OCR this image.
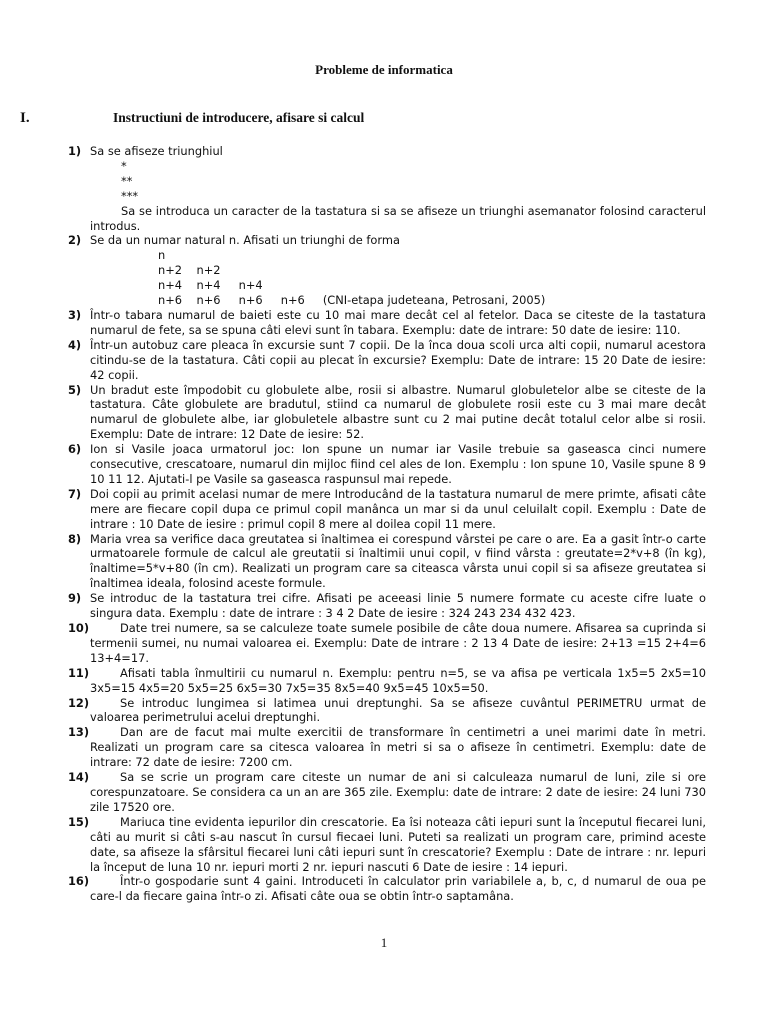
Probleme de informatica
I.	Instructiuni de introducere, afisare si calcul
1) Sa se afiseze triunghiul

*

**

***

Sa se introduca un caracter de la tastatura si sa se afiseze un triunghi asemanator folosind caracterul introdus.

2) Se da un numar natural n. Afisati un triunghi de forma

n

n+2    n+2

n+4    n+4     n+4

n+6    n+6     n+6     n+6     (CNI-etapa judeteana, Petrosani, 2005)

3) Într-o tabara numarul de baieti este cu 10 mai mare decât cel al fetelor. Daca se citeste de la tastatura numarul de fete, sa se spuna câti elevi sunt în tabara. Exemplu: date de intrare: 50 date de iesire: 110.

4) Într-un autobuz care pleaca în excursie sunt 7 copii. De la înca doua scoli urca alti copii, numarul acestora citindu-se de la tastatura. Câti copii au plecat în excursie? Exemplu: Date de intrare: 15 20 Date de iesire: 42 copii.

5) Un bradut este împodobit cu globulete albe, rosii si albastre. Numarul globuletelor albe se citeste de la tastatura. Câte globulete are bradutul, stiind ca numarul de globulete rosii este cu 3 mai mare decât numarul de globulete albe, iar globuletele albastre sunt cu 2 mai putine decât totalul celor albe si rosii. Exemplu: Date de intrare: 12 Date de iesire: 52.

6) Ion si Vasile joaca urmatorul joc: Ion spune un numar iar Vasile trebuie sa gaseasca cinci numere consecutive, crescatoare, numarul din mijloc fiind cel ales de Ion. Exemplu : Ion spune 10, Vasile spune 8 9 10 11 12. Ajutati-l pe Vasile sa gaseasca raspunsul mai repede.

7) Doi copii au primit acelasi numar de mere Introducând de la tastatura numarul de mere primte, afisati câte mere are fiecare copil dupa ce primul copil manânca un mar si da unul celuilalt copil. Exemplu : Date de intrare : 10 Date de iesire : primul copil 8 mere al doilea copil 11 mere.

8) Maria vrea sa verifice daca greutatea si înaltimea ei corespund vârstei pe care o are. Ea a gasit într-o carte urmatoarele formule de calcul ale greutatii si înaltimii unui copil, v fiind vârsta : greutate=2*v+8 (în kg), înaltime=5*v+80 (în cm). Realizati un program care sa citeasca vârsta unui copil si sa afiseze greutatea si înaltimea ideala, folosind aceste formule.

9) Se introduc de la tastatura trei cifre. Afisati pe aceeasi linie 5 numere formate cu aceste cifre luate o singura data. Exemplu : date de intrare : 3 4 2 Date de iesire : 324 243 234 432 423.

10)	Date trei numere, sa se calculeze toate sumele posibile de câte doua numere. Afisarea sa cuprinda si termenii sumei, nu numai valoarea ei. Exemplu: Date de intrare : 2 13 4 Date de iesire: 2+13 =15 2+4=6 13+4=17.

11)	Afisati tabla înmultirii cu numarul n. Exemplu: pentru n=5, se va afisa pe verticala 1x5=5 2x5=10 3x5=15 4x5=20 5x5=25 6x5=30 7x5=35 8x5=40 9x5=45 10x5=50.

12)	Se introduc lungimea si latimea unui dreptunghi. Sa se afiseze cuvântul PERIMETRU urmat de valoarea perimetrului acelui dreptunghi.

13)	Dan are de facut mai multe exercitii de transformare în centimetri a unei marimi date în metri. Realizati un program care sa citesca valoarea în metri si sa o afiseze în centimetri. Exemplu: date de intrare: 72 date de iesire: 7200 cm.

14)	Sa se scrie un program care citeste un numar de ani si calculeaza numarul de luni, zile si ore corespunzatoare. Se considera ca un an are 365 zile. Exemplu: date de intrare: 2 date de iesire: 24 luni 730 zile 17520 ore.

15)	Mariuca tine evidenta iepurilor din crescatorie. Ea îsi noteaza câti iepuri sunt la începutul fiecarei luni, câti au murit si câti s-au nascut în cursul fiecaei luni. Puteti sa realizati un program care, primind aceste date, sa afiseze la sfârsitul fiecarei luni câti iepuri sunt în crescatorie? Exemplu : Date de intrare : nr. Iepuri la început de luna 10 nr. iepuri morti 2 nr. iepuri nascuti 6 Date de iesire : 14 iepuri.

16)	Într-o gospodarie sunt 4 gaini. Introduceti în calculator prin variabilele a, b, c, d numarul de oua pe care-l da fiecare gaina într-o zi. Afisati câte oua se obtin într-o saptamâna.

1
